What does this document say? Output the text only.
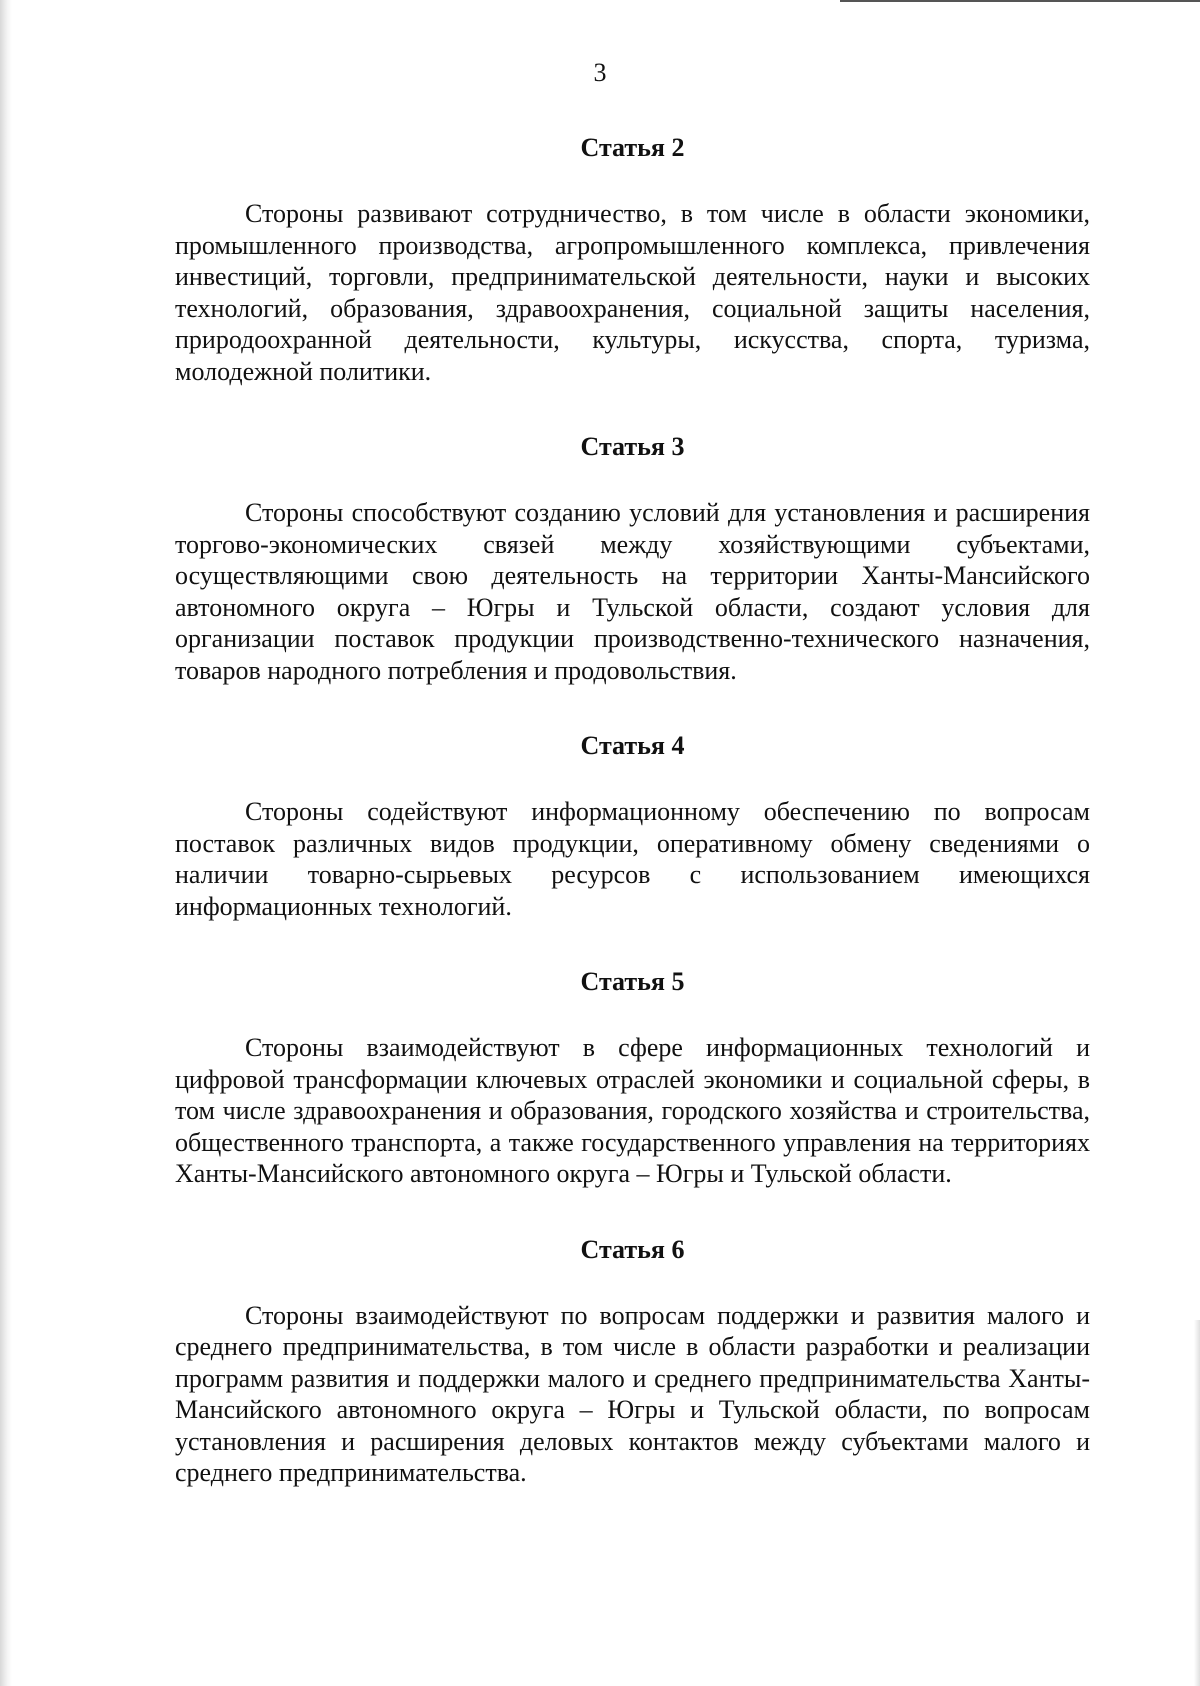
3
Статья 2

Стороны развивают сотрудничество, в том числе в области экономики, промышленного производства, агропромышленного комплекса, привлечения инвестиций, торговли, предпринимательской деятельности, науки и высоких технологий, образования, здравоохранения, социальной защиты населения, природоохранной деятельности, культуры, искусства, спорта, туризма, молодежной политики.

Статья 3

Стороны способствуют созданию условий для установления и расширения торгово-экономических связей между хозяйствующими субъектами, осуществляющими свою деятельность на территории Ханты-Мансийского автономного округа – Югры и Тульской области, создают условия для организации поставок продукции производственно-технического назначения, товаров народного потребления и продовольствия.

Статья 4

Стороны содействуют информационному обеспечению по вопросам поставок различных видов продукции, оперативному обмену сведениями о наличии товарно-сырьевых ресурсов с использованием имеющихся информационных технологий.

Статья 5

Стороны взаимодействуют в сфере информационных технологий и цифровой трансформации ключевых отраслей экономики и социальной сферы, в том числе здравоохранения и образования, городского хозяйства и строительства, общественного транспорта, а также государственного управления на территориях Ханты-Мансийского автономного округа – Югры и Тульской области.

Статья 6

Стороны взаимодействуют по вопросам поддержки и развития малого и среднего предпринимательства, в том числе в области разработки и реализации программ развития и поддержки малого и среднего предпринимательства Ханты-Мансийского автономного округа – Югры и Тульской области, по вопросам установления и расширения деловых контактов между субъектами малого и среднего предпринимательства.
